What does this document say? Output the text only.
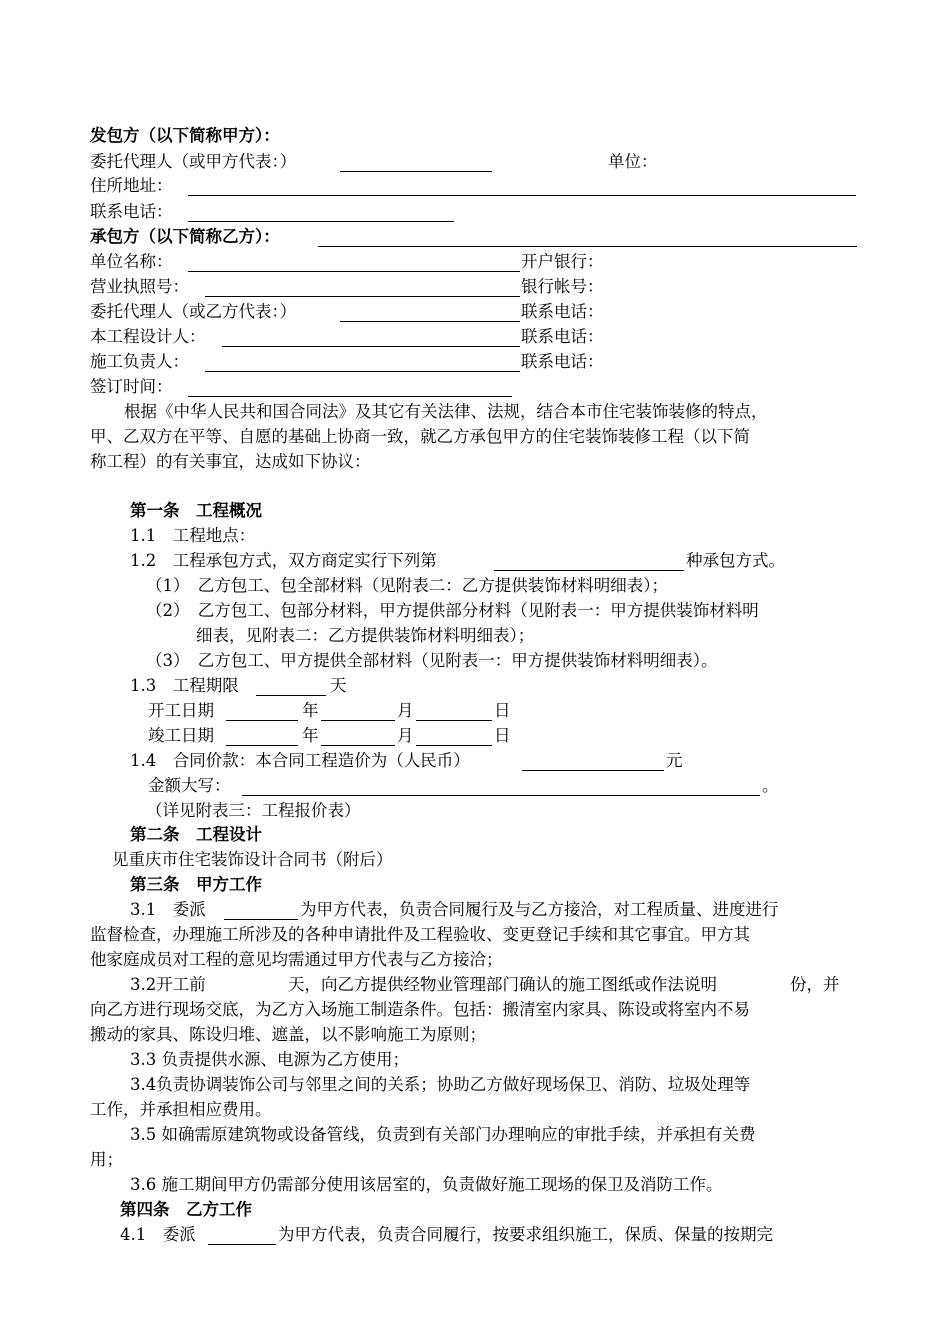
发包方（以下简称甲方）：
委托代理人（或甲方代表：）	单位：
住所地址：
联系电话：
承包方（以下简称乙方）：
单位名称：	开户银行：
营业执照号：	银行帐号：
委托代理人（或乙方代表：）	联系电话：
本工程设计人：	联系电话：
施工负责人：	联系电话：
签订时间：
根据《中华人民共和国合同法》及其它有关法律、法规，结合本市住宅装饰装修的特点，
甲、乙双方在平等、自愿的基础上协商一致，就乙方承包甲方的住宅装饰装修工程（以下简
称工程）的有关事宜，达成如下协议：
第一条　工程概况
1.1　工程地点：
1.2　工程承包方式，双方商定实行下列第	种承包方式。
（1）　乙方包工、包全部材料（见附表二：乙方提供装饰材料明细表）；
（2）　乙方包工、包部分材料，甲方提供部分材料（见附表一：甲方提供装饰材料明
细表，见附表二：乙方提供装饰材料明细表）；
（3）　乙方包工、甲方提供全部材料（见附表一：甲方提供装饰材料明细表）。
1.3　工程期限	天
开工日期	年	月	日
竣工日期	年	月	日
1.4　合同价款：本合同工程造价为（人民币）	元
金额大写：	。
（详见附表三：工程报价表）
第二条　工程设计
见重庆市住宅装饰设计合同书（附后）
第三条　甲方工作
3.1　委派	为甲方代表，负责合同履行及与乙方接洽，对工程质量、进度进行
监督检查，办理施工所涉及的各种申请批件及工程验收、变更登记手续和其它事宜。甲方其
他家庭成员对工程的意见均需通过甲方代表与乙方接洽；
3.2开工前	天，向乙方提供经物业管理部门确认的施工图纸或作法说明	份，并
向乙方进行现场交底，为乙方入场施工制造条件。包括：搬清室内家具、陈设或将室内不易
搬动的家具、陈设归堆、遮盖，以不影响施工为原则；
3.3 负责提供水源、电源为乙方使用；
3.4负责协调装饰公司与邻里之间的关系；协助乙方做好现场保卫、消防、垃圾处理等
工作，并承担相应费用。
3.5 如确需原建筑物或设备管线，负责到有关部门办理响应的审批手续，并承担有关费
用；
3.6 施工期间甲方仍需部分使用该居室的，负责做好施工现场的保卫及消防工作。
第四条　乙方工作
4.1　委派	为甲方代表，负责合同履行，按要求组织施工，保质、保量的按期完
